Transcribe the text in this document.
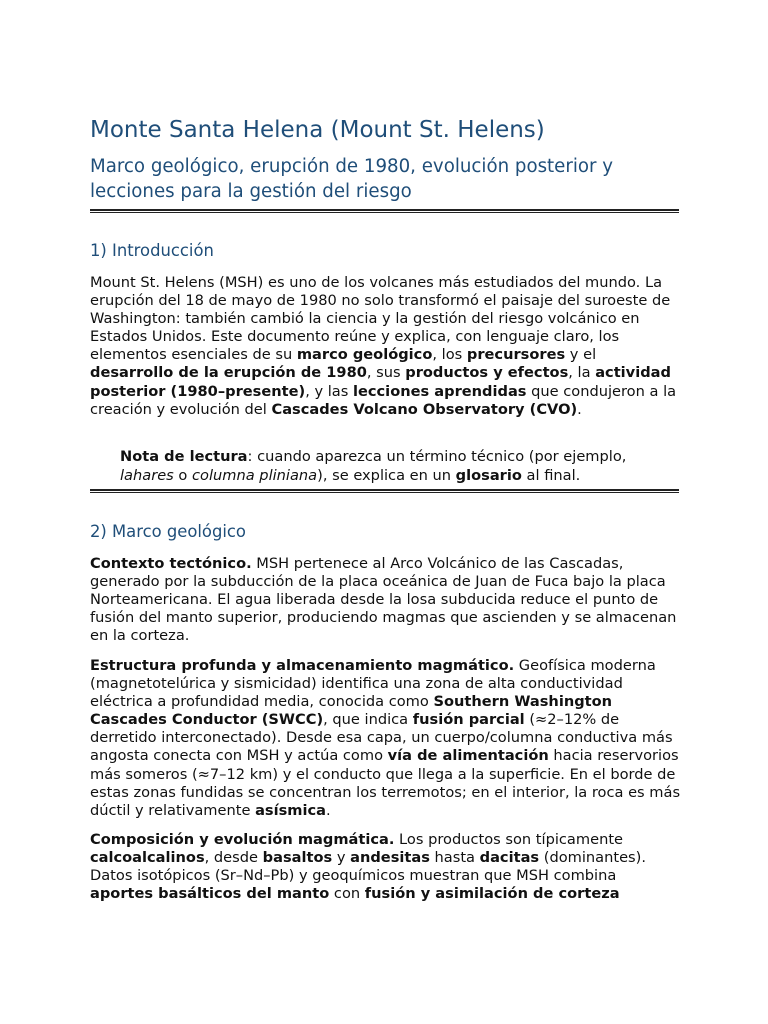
Monte Santa Helena (Mount St. Helens)
Marco geológico, erupción de 1980, evolución posterior y lecciones para la gestión del riesgo
1) Introducción

Mount St. Helens (MSH) es uno de los volcanes más estudiados del mundo. La erupción del 18 de mayo de 1980 no solo transformó el paisaje del suroeste de Washington: también cambió la ciencia y la gestión del riesgo volcánico en Estados Unidos. Este documento reúne y explica, con lenguaje claro, los elementos esenciales de su marco geológico, los precursores y el desarrollo de la erupción de 1980, sus productos y efectos, la actividad posterior (1980–presente), y las lecciones aprendidas que condujeron a la creación y evolución del Cascades Volcano Observatory (CVO).

Nota de lectura: cuando aparezca un término técnico (por ejemplo, lahares o columna pliniana), se explica en un glosario al final.

2) Marco geológico

Contexto tectónico. MSH pertenece al Arco Volcánico de las Cascadas, generado por la subducción de la placa oceánica de Juan de Fuca bajo la placa Norteamericana. El agua liberada desde la losa subducida reduce el punto de fusión del manto superior, produciendo magmas que ascienden y se almacenan en la corteza.

Estructura profunda y almacenamiento magmático. Geofísica moderna (magnetotelúrica y sismicidad) identifica una zona de alta conductividad eléctrica a profundidad media, conocida como Southern Washington Cascades Conductor (SWCC), que indica fusión parcial (≈2–12% de derretido interconectado). Desde esa capa, un cuerpo/columna conductiva más angosta conecta con MSH y actúa como vía de alimentación hacia reservorios más someros (≈7–12 km) y el conducto que llega a la superficie. En el borde de estas zonas fundidas se concentran los terremotos; en el interior, la roca es más dúctil y relativamente asísmica.

Composición y evolución magmática. Los productos son típicamente calcoalcalinos, desde basaltos y andesitas hasta dacitas (dominantes). Datos isotópicos (Sr–Nd–Pb) y geoquímicos muestran que MSH combina aportes basálticos del manto con fusión y asimilación de corteza
